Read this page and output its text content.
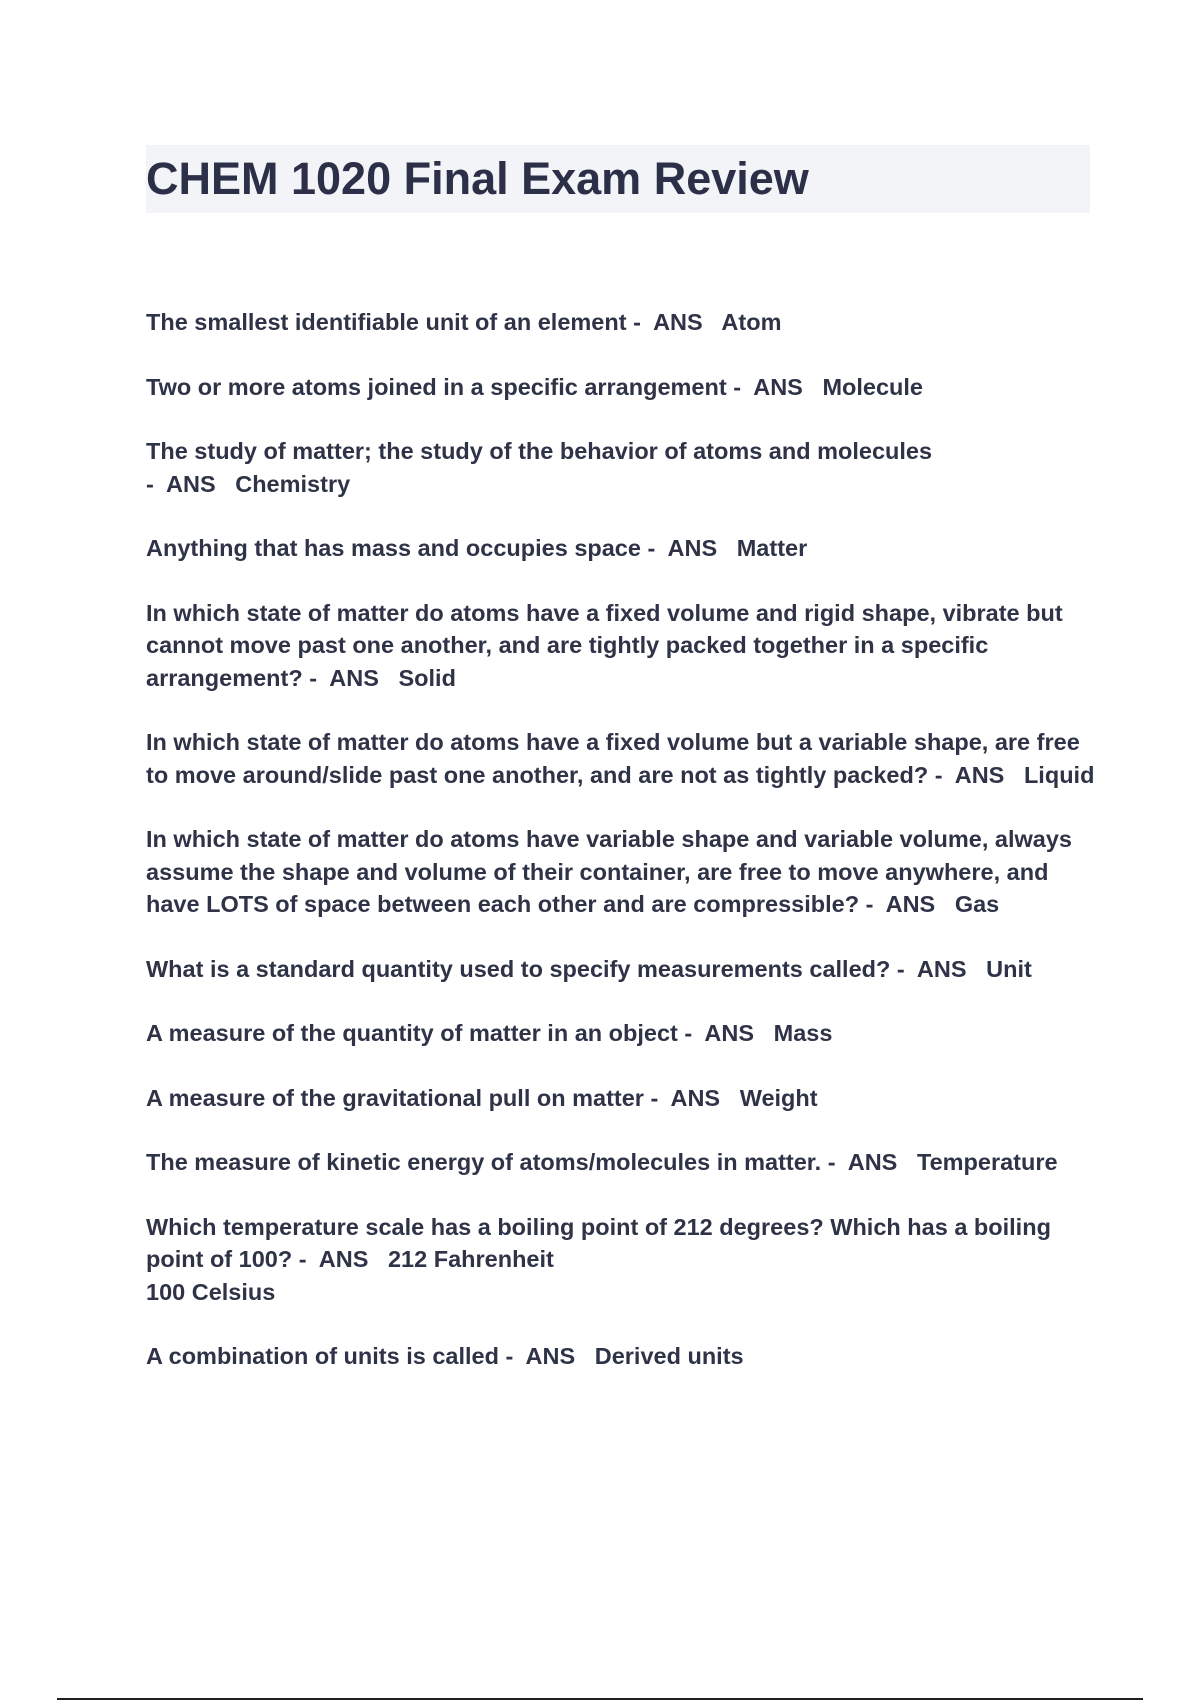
CHEM 1020 Final Exam Review
The smallest identifiable unit of an element - ANS Atom
Two or more atoms joined in a specific arrangement - ANS Molecule
The study of matter; the study of the behavior of atoms and molecules - ANS Chemistry
Anything that has mass and occupies space - ANS Matter
In which state of matter do atoms have a fixed volume and rigid shape, vibrate but cannot move past one another, and are tightly packed together in a specific arrangement? - ANS Solid
In which state of matter do atoms have a fixed volume but a variable shape, are free to move around/slide past one another, and are not as tightly packed? - ANS Liquid
In which state of matter do atoms have variable shape and variable volume, always assume the shape and volume of their container, are free to move anywhere, and have LOTS of space between each other and are compressible? - ANS Gas
What is a standard quantity used to specify measurements called? - ANS Unit
A measure of the quantity of matter in an object - ANS Mass
A measure of the gravitational pull on matter - ANS Weight
The measure of kinetic energy of atoms/molecules in matter. - ANS Temperature
Which temperature scale has a boiling point of 212 degrees? Which has a boiling point of 100? - ANS 212 Fahrenheit
100 Celsius
A combination of units is called - ANS Derived units
